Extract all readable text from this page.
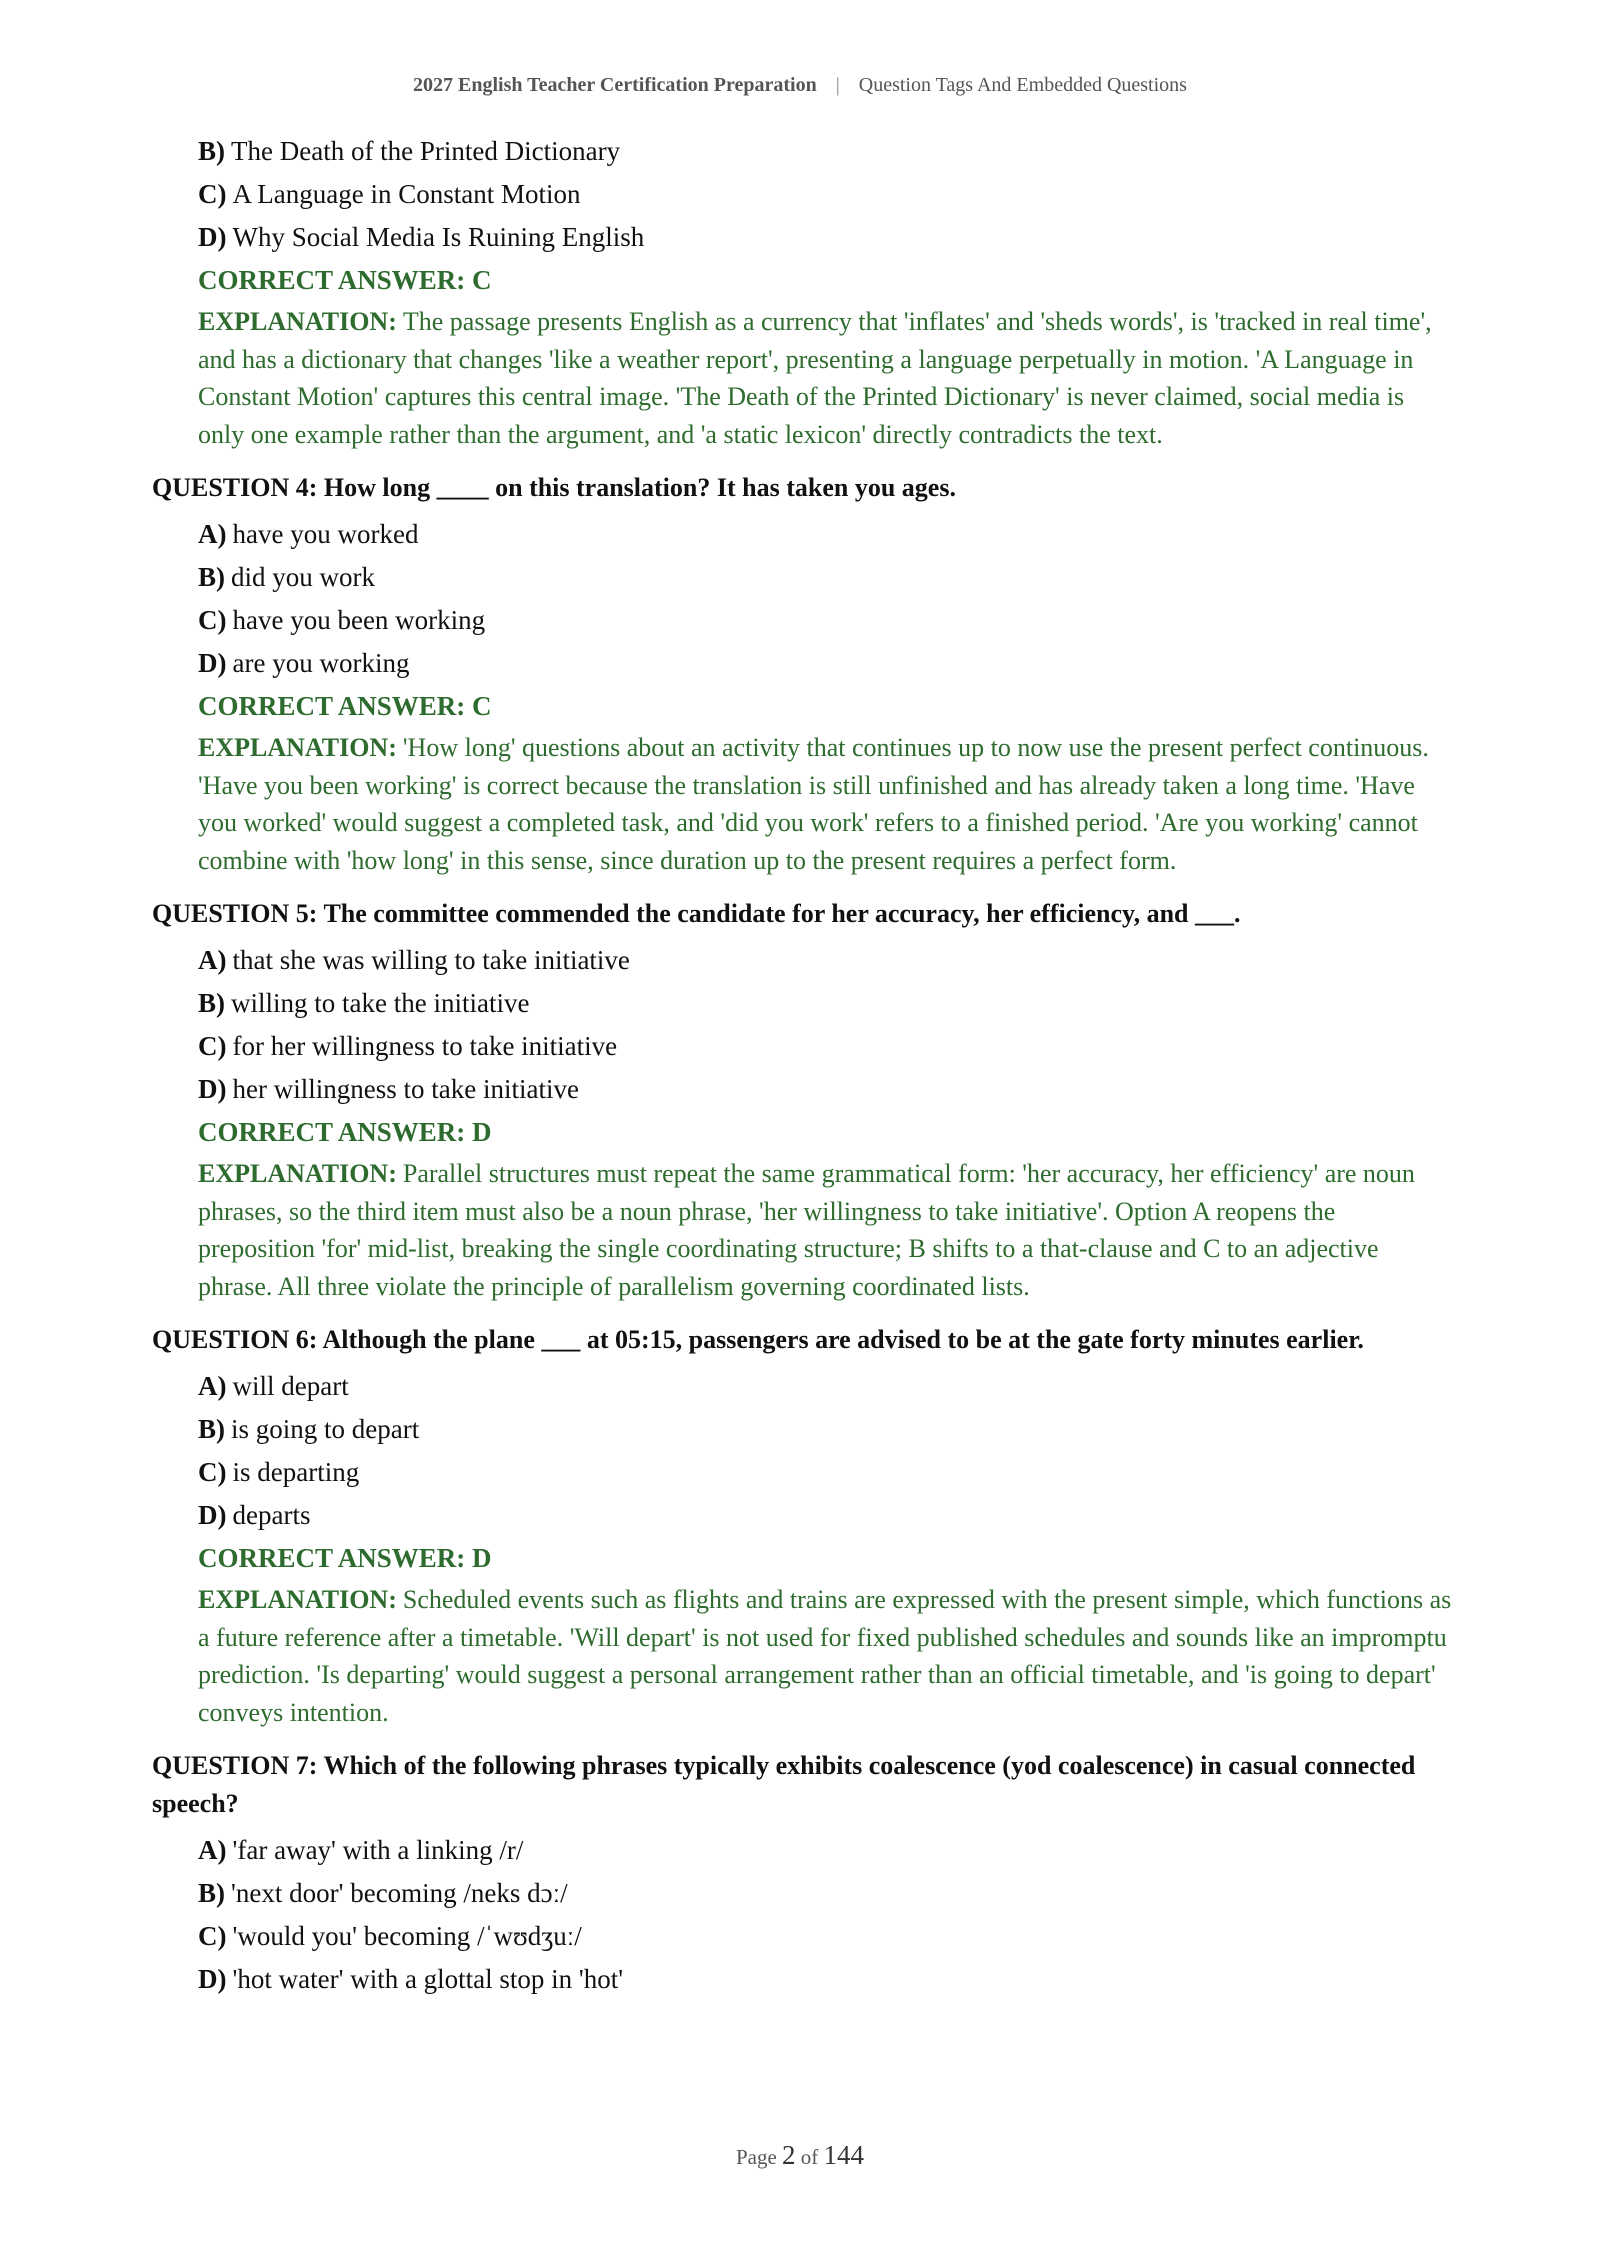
2027 English Teacher Certification Preparation | Question Tags And Embedded Questions
B) The Death of the Printed Dictionary
C) A Language in Constant Motion
D) Why Social Media Is Ruining English
CORRECT ANSWER: C
EXPLANATION: The passage presents English as a currency that 'inflates' and 'sheds words', is 'tracked in real time', and has a dictionary that changes 'like a weather report', presenting a language perpetually in motion. 'A Language in Constant Motion' captures this central image. 'The Death of the Printed Dictionary' is never claimed, social media is only one example rather than the argument, and 'a static lexicon' directly contradicts the text.
QUESTION 4: How long ____ on this translation? It has taken you ages.
A) have you worked
B) did you work
C) have you been working
D) are you working
CORRECT ANSWER: C
EXPLANATION: 'How long' questions about an activity that continues up to now use the present perfect continuous. 'Have you been working' is correct because the translation is still unfinished and has already taken a long time. 'Have you worked' would suggest a completed task, and 'did you work' refers to a finished period. 'Are you working' cannot combine with 'how long' in this sense, since duration up to the present requires a perfect form.
QUESTION 5: The committee commended the candidate for her accuracy, her efficiency, and ___.
A) that she was willing to take initiative
B) willing to take the initiative
C) for her willingness to take initiative
D) her willingness to take initiative
CORRECT ANSWER: D
EXPLANATION: Parallel structures must repeat the same grammatical form: 'her accuracy, her efficiency' are noun phrases, so the third item must also be a noun phrase, 'her willingness to take initiative'. Option A reopens the preposition 'for' mid-list, breaking the single coordinating structure; B shifts to a that-clause and C to an adjective phrase. All three violate the principle of parallelism governing coordinated lists.
QUESTION 6: Although the plane ___ at 05:15, passengers are advised to be at the gate forty minutes earlier.
A) will depart
B) is going to depart
C) is departing
D) departs
CORRECT ANSWER: D
EXPLANATION: Scheduled events such as flights and trains are expressed with the present simple, which functions as a future reference after a timetable. 'Will depart' is not used for fixed published schedules and sounds like an impromptu prediction. 'Is departing' would suggest a personal arrangement rather than an official timetable, and 'is going to depart' conveys intention.
QUESTION 7: Which of the following phrases typically exhibits coalescence (yod coalescence) in casual connected speech?
A) 'far away' with a linking /r/
B) 'next door' becoming /neks dɔː/
C) 'would you' becoming /ˈwʊdʒuː/
D) 'hot water' with a glottal stop in 'hot'
Page 2 of 144
